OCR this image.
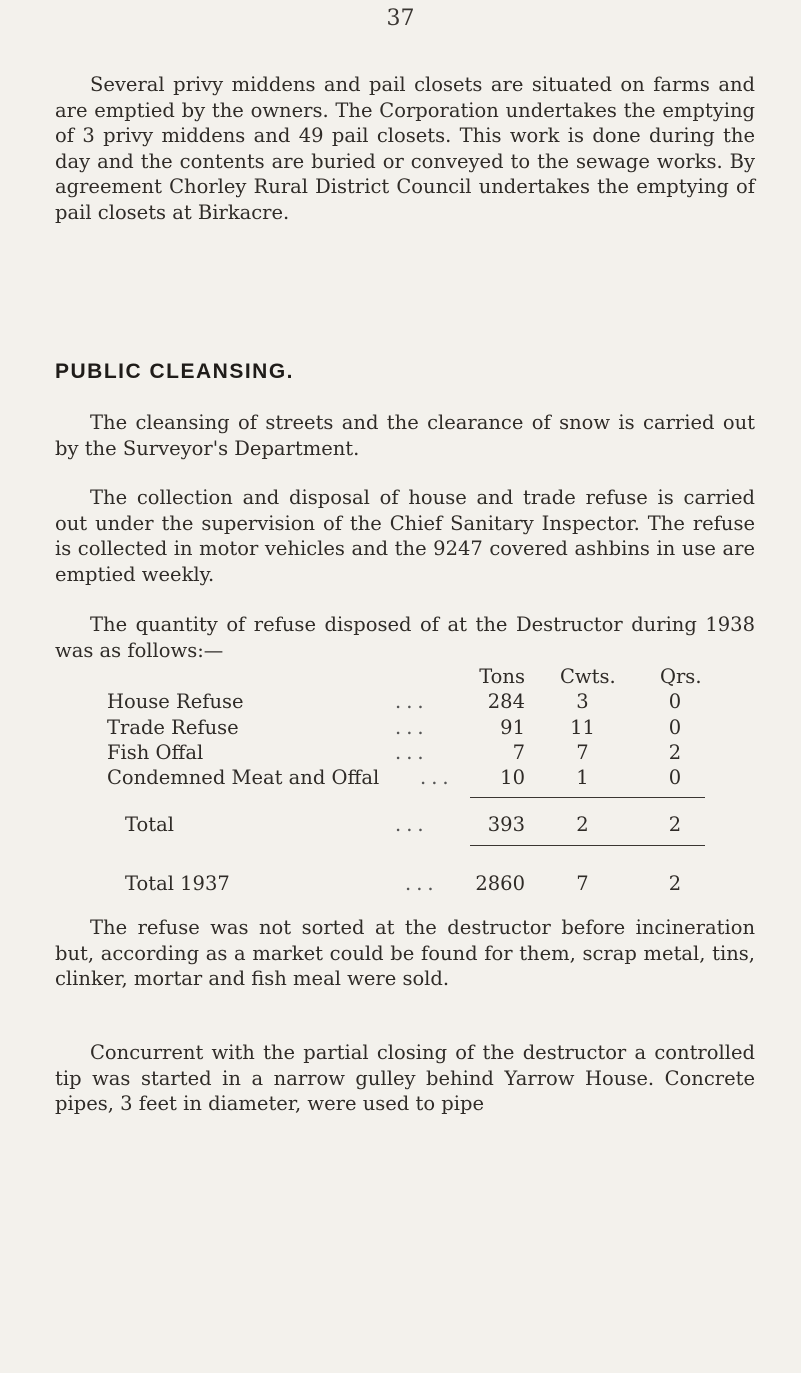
37

Several privy middens and pail closets are situated on farms and are emptied by the owners. The Corporation undertakes the emptying of 3 privy middens and 49 pail closets. This work is done during the day and the contents are buried or conveyed to the sewage works. By agreement Chorley Rural District Council undertakes the emptying of pail closets at Birkacre.

PUBLIC CLEANSING.

The cleansing of streets and the clearance of snow is carried out by the Surveyor's Department.

The collection and disposal of house and trade refuse is carried out under the supervision of the Chief Sanitary Inspector. The refuse is collected in motor vehicles and the 9247 covered ashbins in use are emptied weekly.

The quantity of refuse disposed of at the Destructor during 1938 was as follows:—

Tons Cwts. Qrs.
House Refuse	...	284	3	0
Trade Refuse	...	91	11	0
Fish Offal	...	7	7	2
Condemned Meat and Offal ...	10	1	0
Total	...	393	2	2
Total 1937	...	2860	7	2

The refuse was not sorted at the destructor before incineration but, according as a market could be found for them, scrap metal, tins, clinker, mortar and fish meal were sold.

Concurrent with the partial closing of the destructor a controlled tip was started in a narrow gulley behind Yarrow House. Concrete pipes, 3 feet in diameter, were used to pipe
